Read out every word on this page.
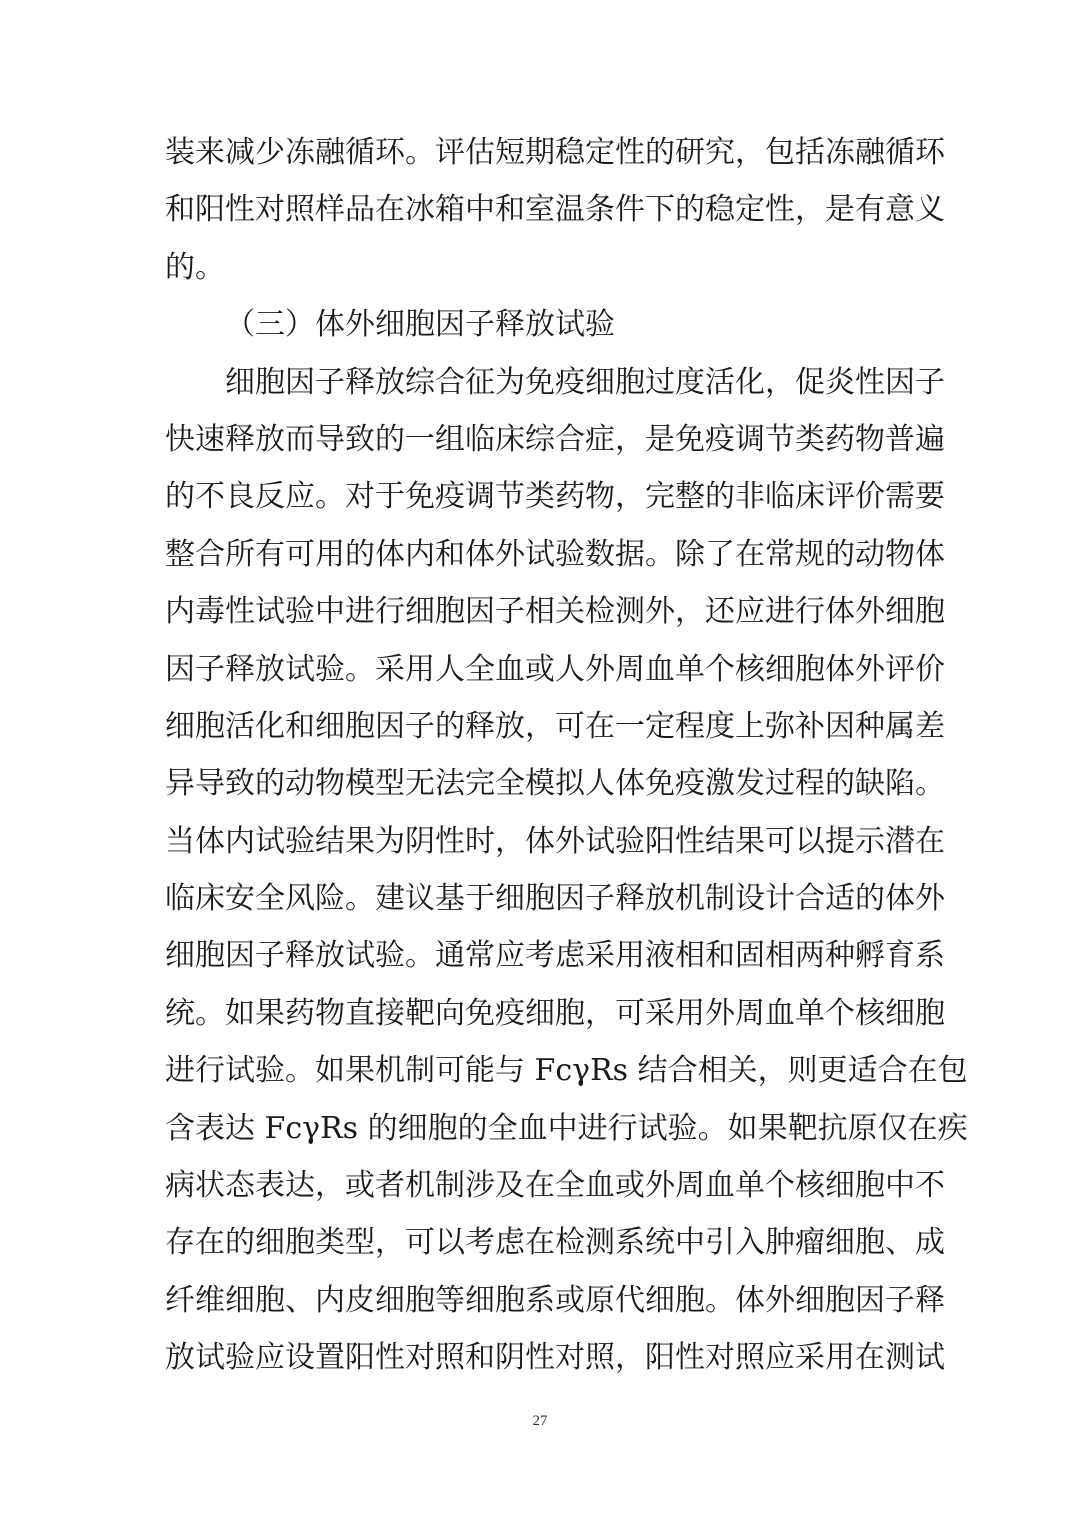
装来减少冻融循环。评估短期稳定性的研究，包括冻融循环
和阳性对照样品在冰箱中和室温条件下的稳定性，是有意义
的。
（三）体外细胞因子释放试验
细胞因子释放综合征为免疫细胞过度活化，促炎性因子
快速释放而导致的一组临床综合症，是免疫调节类药物普遍
的不良反应。对于免疫调节类药物，完整的非临床评价需要
整合所有可用的体内和体外试验数据。除了在常规的动物体
内毒性试验中进行细胞因子相关检测外，还应进行体外细胞
因子释放试验。采用人全血或人外周血单个核细胞体外评价
细胞活化和细胞因子的释放，可在一定程度上弥补因种属差
异导致的动物模型无法完全模拟人体免疫激发过程的缺陷。
当体内试验结果为阴性时，体外试验阳性结果可以提示潜在
临床安全风险。建议基于细胞因子释放机制设计合适的体外
细胞因子释放试验。通常应考虑采用液相和固相两种孵育系
统。如果药物直接靶向免疫细胞，可采用外周血单个核细胞
进行试验。如果机制可能与 FcγRs 结合相关，则更适合在包
含表达 FcγRs 的细胞的全血中进行试验。如果靶抗原仅在疾
病状态表达，或者机制涉及在全血或外周血单个核细胞中不
存在的细胞类型，可以考虑在检测系统中引入肿瘤细胞、成
纤维细胞、内皮细胞等细胞系或原代细胞。体外细胞因子释
放试验应设置阳性对照和阴性对照，阳性对照应采用在测试
27
